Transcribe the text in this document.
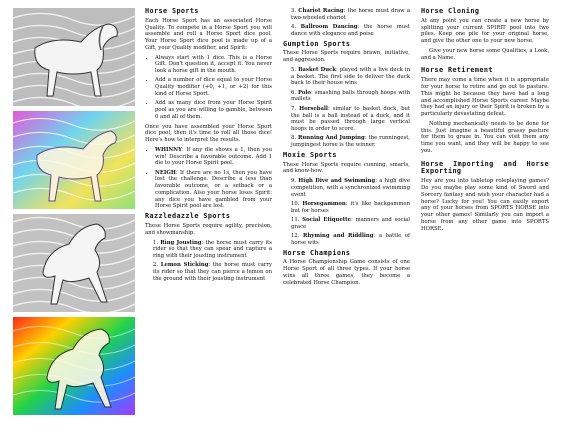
Horse Sports

Each Horse Sport has an associated Horse Quality. To compete in a Horse Sport you will assemble and roll a Horse Sport dice pool. Your Horse Sport dice pool is made up of a Gift, your Quality modifier, and Spirit:

• Always start with 1 dice. This is a Horse Gift. Don't question it, accept it. You never look a horse gift in the mouth.
• Add a number of dice equal to your Horse Quality modifier (+0, +1, or +2) for this kind of Horse Sport.
• Add as many dice from your Horse Spirit pool as you are willing to gamble, between 0 and all of them.

Once you have assembled your Horse Sport dice pool, then it's time to roll all those dice! Here's how to interpret the results.

• WHINNY: If any die shows a 1, then you win! Describe a favorable outcome. Add 1 die to your Horse Spirit pool.
• NEIGH: If there are no 1s, then you have lost the challenge. Describe a less than favorable outcome, or a setback or a complication. Also your horse loses Spirit: any dice you have gambled from your Horse Spirit pool are lost.
Razzledazzle Sports

These Horse Sports require agility, precision, and showmanship.

1. Ring Jousting: the horse must carry its rider so that they can spear and capture a ring with their jousting instrument
2. Lemon Sticking: the horse must carry its rider so that they can pierce a lemon on the ground with their jousting instrument
3. Chariot Racing: the horse must draw a two-wheeled chariot
4. Ballroom Dancing: the horse must dance with elegance and poise
Gumption Sports

These Horse Sports require brawn, initiative, and aggression.

5. Basket Duck: played with a live duck in a basket. The first side to deliver the duck back to their house wins
6. Polo: smashing balls through hoops with mallets
7. Horseball: similar to basket duck, but the ball is a ball instead of a duck, and it must be passed through large vertical hoops in order to score.
8. Running And Jumping: the runningest, jumpingest horse is the winner.
Moxie Sports

These Horse Sports require cunning, smarts, and know-how.

9. High Dive and Swimming: a high dive competition, with a synchronized swimming event
10. Horsegammon: it's like backgammon but for horses
11. Social Etiquette: manners and social grace
12. Rhyming and Riddling: a battle of horse wits
Horse Champions

A Horse Championship Game consists of one Horse Sport of all three types. If your horse wins all three games, they become a celebrated Horse Champion.

Horse Cloning

At any point you can create a new horse by splitting your current SPIRIT pool into two piles. Keep one pile for your original horse, and give the other one to your new horse.

Give your new horse some Qualities, a Look, and a Name.

Horse Retirement

There may come a time when it is appropriate for your horse to retire and go out to pasture. This might be because they have had a long and accomplished Horse Sports career. Maybe they had an injury or their Spirit is broken by a particularly devastating defeat.

Nothing mechanically needs to be done for this. Just imagine a beautiful grassy pasture for them to graze in. You can visit them any time you want, and they will be happy to see you.

Horse Importing and Horse Exporting

Hey are you into tabletop roleplaying games? Do you maybe play some kind of Sword and Sorcery fantasy and wish your character had a horse? Lucky for you! You can easily export any of your horses from SPORTS HORSE into your other games! Similarly you can import a horse from any other game into SPORTS HORSE.
